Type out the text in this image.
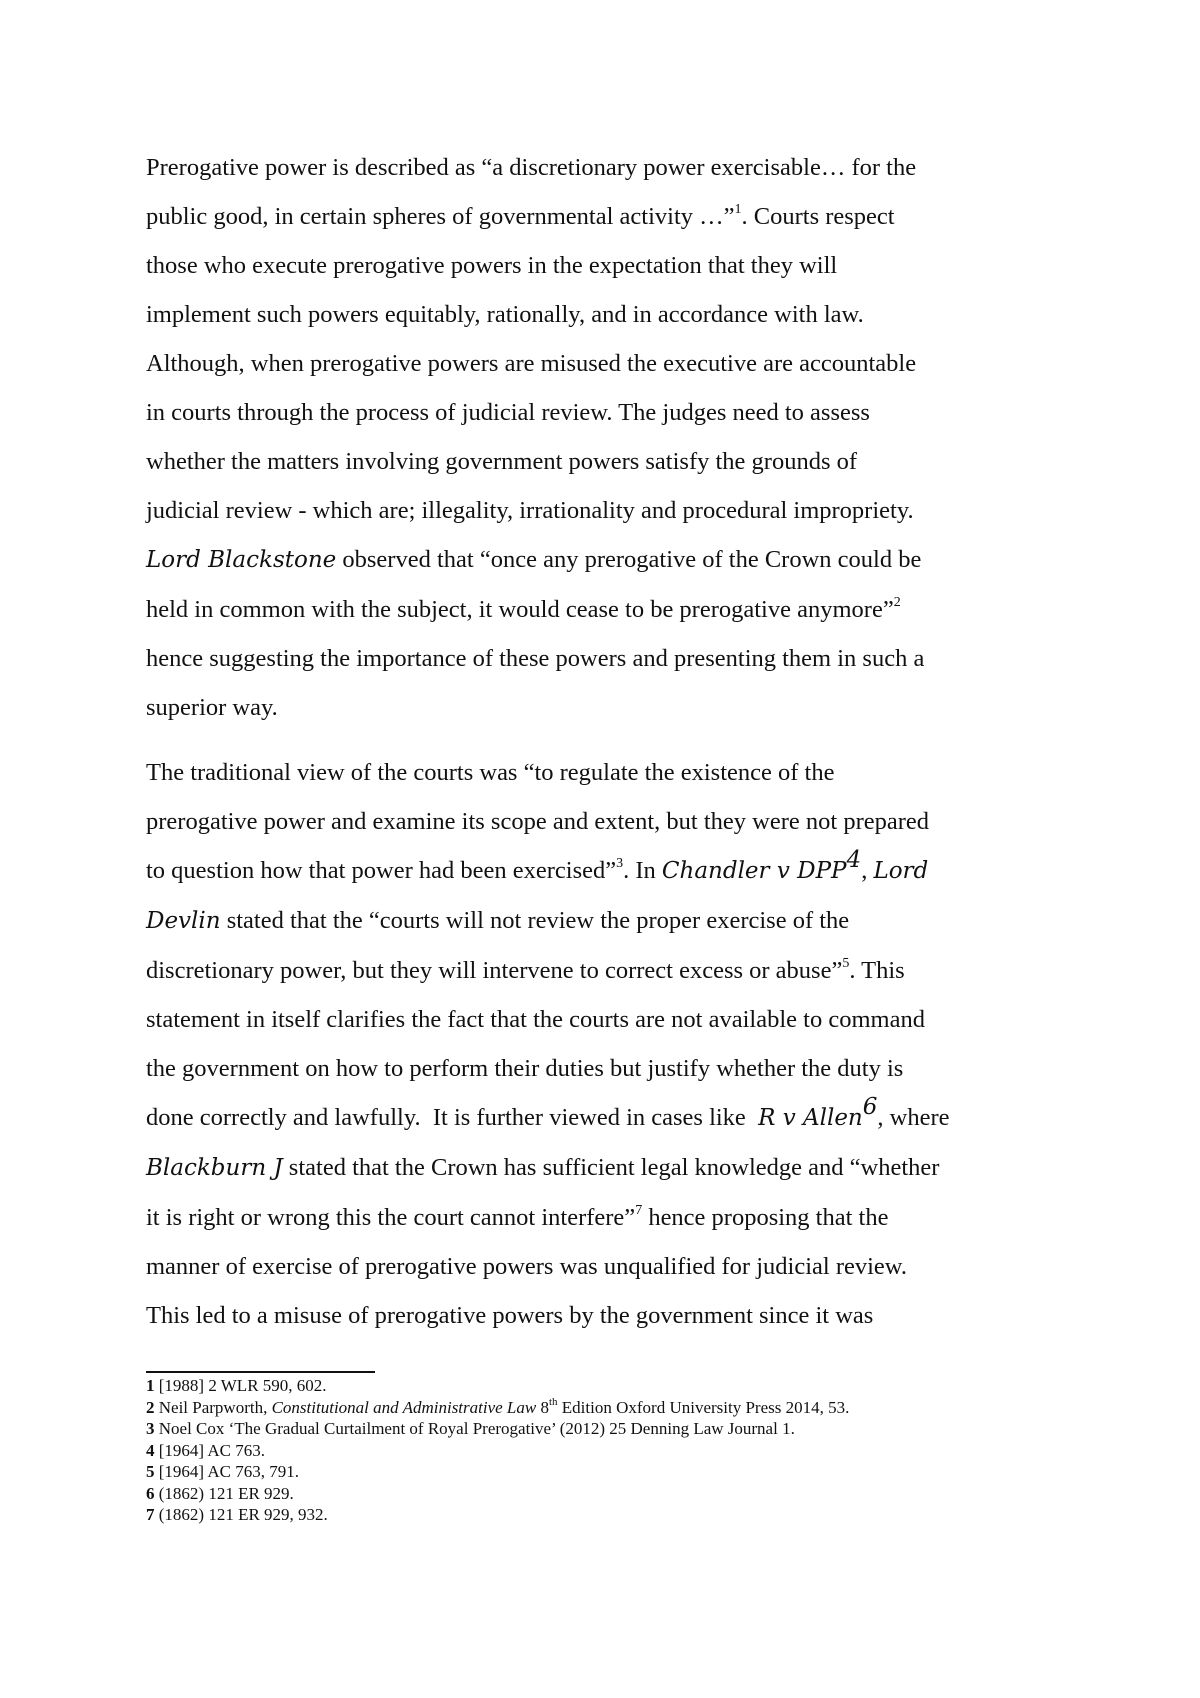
Prerogative power is described as “a discretionary power exercisable… for the
public good, in certain spheres of governmental activity …”$^1$. Courts respect
those who execute prerogative powers in the expectation that they will
implement such powers equitably, rationally, and in accordance with law.
Although, when prerogative powers are misused the executive are accountable
in courts through the process of judicial review. The judges need to assess
whether the matters involving government powers satisfy the grounds of
judicial review - which are; illegality, irrationality and procedural impropriety.
Lord Blackstone observed that “once any prerogative of the Crown could be
held in common with the subject, it would cease to be prerogative anymore”$^2$
hence suggesting the importance of these powers and presenting them in such a
superior way.

The traditional view of the courts was “to regulate the existence of the
prerogative power and examine its scope and extent, but they were not prepared
to question how that power had been exercised”$^3$. In Chandler v DPP$^4$, Lord
Devlin stated that the “courts will not review the proper exercise of the
discretionary power, but they will intervene to correct excess or abuse”$^5$. This
statement in itself clarifies the fact that the courts are not available to command
the government on how to perform their duties but justify whether the duty is
done correctly and lawfully.  It is further viewed in cases like  R v Allen$^6$, where
Blackburn J stated that the Crown has sufficient legal knowledge and “whether
it is right or wrong this the court cannot interfere”$^7$ hence proposing that the
manner of exercise of prerogative powers was unqualified for judicial review.
This led to a misuse of prerogative powers by the government since it was

1 [1988] 2 WLR 590, 602.
2 Neil Parpworth, Constitutional and Administrative Law 8th Edition Oxford University Press 2014, 53.
3 Noel Cox ‘The Gradual Curtailment of Royal Prerogative’ (2012) 25 Denning Law Journal 1.
4 [1964] AC 763.
5 [1964] AC 763, 791.
6 (1862) 121 ER 929.
7 (1862) 121 ER 929, 932.
